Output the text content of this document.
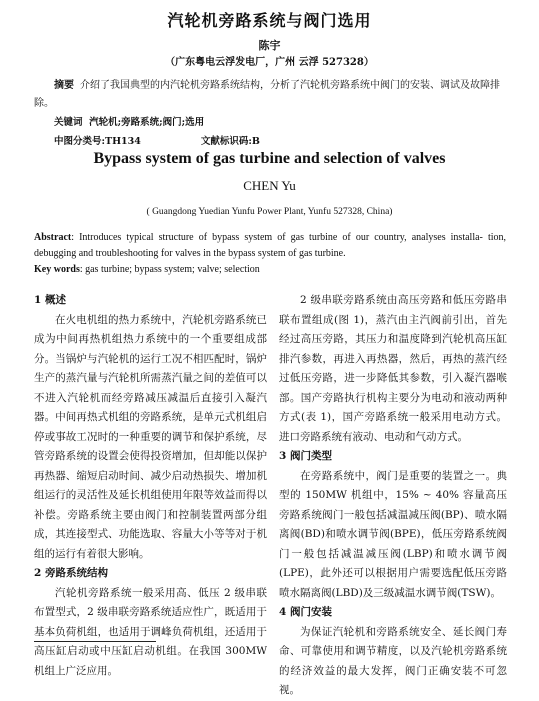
汽轮机旁路系统与阀门选用
陈宇
（广东粤电云浮发电厂，广州 云浮 527328）
摘要 介绍了我国典型的内汽轮机旁路系统结构，分析了汽轮机旁路系统中阀门的安装、调试及故障排除。
关键词 汽轮机;旁路系统;阀门;选用
中图分类号:TH134	文献标识码:B
Bypass system of gas turbine and selection of valves
CHEN Yu
( Guangdong Yuedian Yunfu Power Plant, Yunfu 527328, China)
Abstract: Introduces typical structure of bypass system of gas turbine of our country, analyses installa- tion, debugging and troubleshooting for valves in the bypass system of gas turbine.
Key words: gas turbine; bypass system; valve; selection
1 概述

在火电机组的热力系统中，汽轮机旁路系统已成为中间再热机组热力系统中的一个重要组成部分。当锅炉与汽轮机的运行工况不相匹配时，锅炉生产的蒸汽量与汽轮机所需蒸汽量之间的差值可以不进入汽轮机而经旁路减压减温后直接引入凝汽器。中间再热式机组的旁路系统，是单元式机组启停或事故工况时的一种重要的调节和保护系统，尽管旁路系统的设置会使得投资增加，但却能以保护再热器、缩短启动时间、减少启动热损失、增加机组运行的灵活性及延长机组使用年限等效益而得以补偿。旁路系统主要由阀门和控制装置两部分组成，其连接型式、功能选取、容量大小等等对于机组的运行有着很大影响。

2 旁路系统结构

汽轮机旁路系统一般采用高、低压 2 级串联布置型式，2 级串联旁路系统适应性广，既适用于基本负荷机组，也适用于调峰负荷机组，还适用于高压缸启动或中压缸启动机组。在我国 300MW 机组上广泛应用。

2 级串联旁路系统由高压旁路和低压旁路串联布置组成(图 1)，蒸汽由主汽阀前引出，首先经过高压旁路，其压力和温度降到汽轮机高压缸排汽参数，再进入再热器，然后，再热的蒸汽经过低压旁路，进一步降低其参数，引入凝汽器喉部。国产旁路执行机构主要分为电动和液动两种方式(表 1)，国产旁路系统一般采用电动方式。进口旁路系统有液动、电动和气动方式。

3 阀门类型

在旁路系统中，阀门是重要的装置之一。典型的 150MW 机组中，15% ~ 40% 容量高压旁路系统阀门一般包括减温减压阀(BP)、喷水隔离阀(BD)和喷水调节阀(BPE)，低压旁路系统阀门一般包括减温减压阀(LBP)和喷水调节阀(LPE)，此外还可以根据用户需要选配低压旁路喷水隔离阀(LBD)及三级减温水调节阀(TSW)。

4 阀门安装

为保证汽轮机和旁路系统安全、延长阀门寿命、可靠使用和调节精度，以及汽轮机旁路系统的经济效益的最大发挥，阀门正确安装不可忽视。
